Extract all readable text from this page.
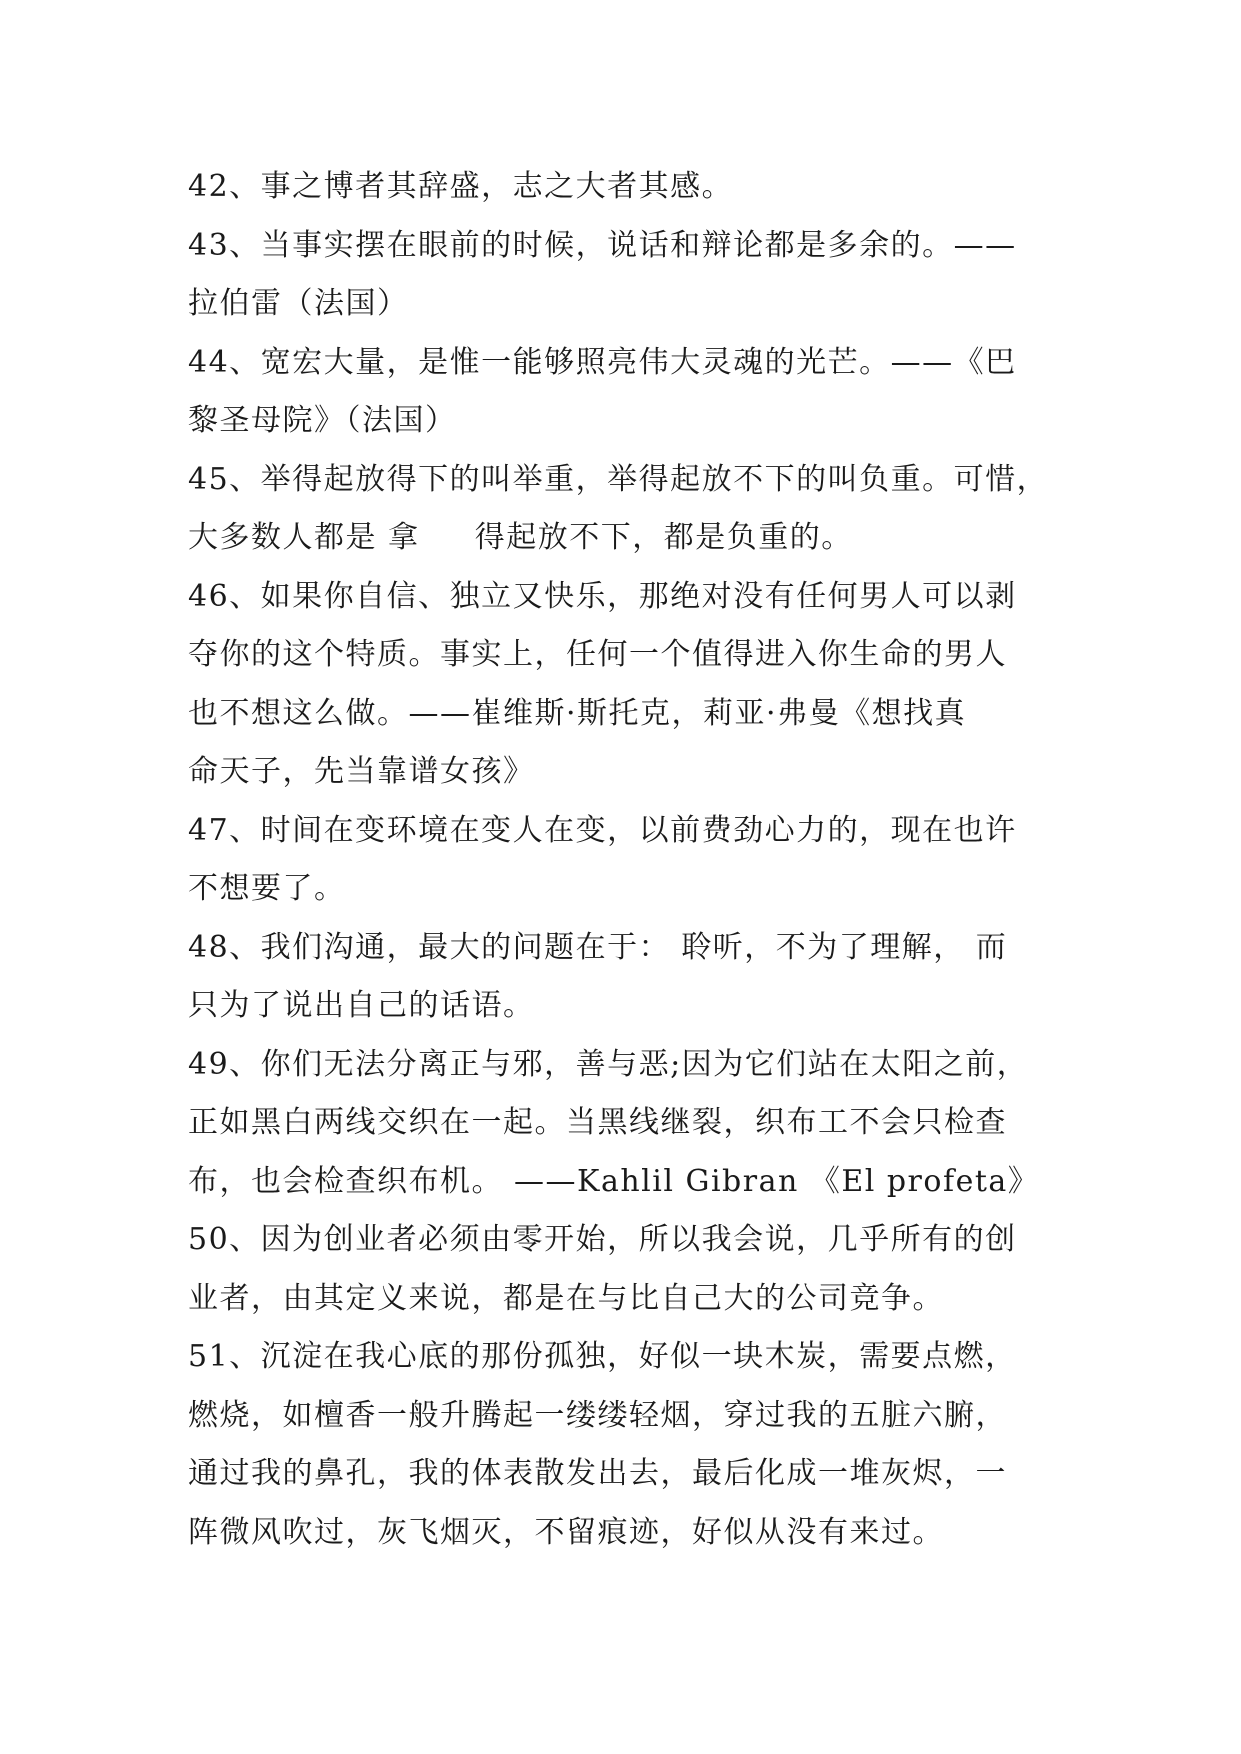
42、事之博者其辞盛，志之大者其感。
43、当事实摆在眼前的时候，说话和辩论都是多余的。——
拉伯雷（法国）
44、宽宏大量，是惟一能够照亮伟大灵魂的光芒。——《巴
黎圣母院》（法国）
45、举得起放得下的叫举重，举得起放不下的叫负重。可惜，
大多数人都是 拿     得起放不下，都是负重的。
46、如果你自信、独立又快乐，那绝对没有任何男人可以剥
夺你的这个特质。事实上，任何一个值得进入你生命的男人
也不想这么做。——崔维斯·斯托克，莉亚·弗曼《想找真
命天子，先当靠谱女孩》
47、时间在变环境在变人在变，以前费劲心力的，现在也许
不想要了。
48、我们沟通，最大的问题在于： 聆听，不为了理解， 而
只为了说出自己的话语。
49、你们无法分离正与邪，善与恶;因为它们站在太阳之前，
正如黑白两线交织在一起。当黑线继裂，织布工不会只检查
布，也会检查织布机。 ——Kahlil Gibran 《El profeta》
50、因为创业者必须由零开始，所以我会说，几乎所有的创
业者，由其定义来说，都是在与比自己大的公司竞争。
51、沉淀在我心底的那份孤独，好似一块木炭，需要点燃，
燃烧，如檀香一般升腾起一缕缕轻烟，穿过我的五脏六腑，
通过我的鼻孔，我的体表散发出去，最后化成一堆灰烬，一
阵微风吹过，灰飞烟灭，不留痕迹，好似从没有来过。
